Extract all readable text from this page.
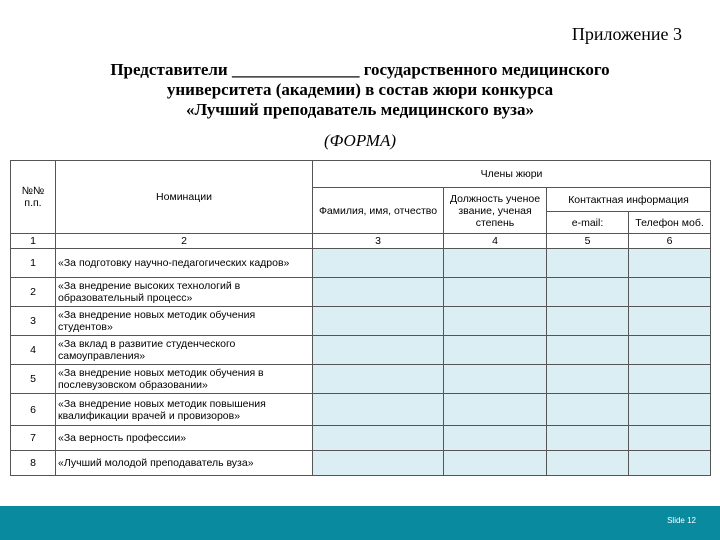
Приложение 3
Представители _______________ государственного медицинского
университета (академии) в состав жюри конкурса
«Лучший преподаватель медицинского вуза»
(ФОРМА)
№№ п.п.	Номинации	Члены жюри			
		Фамилия, имя, отчество	Должность ученое звание, ученая степень	Контактная информация	
				e-mail:	Телефон моб.
1	2	3	4	5	6
1	«За подготовку научно-педагогических кадров»				
2	«За внедрение высоких технологий в образовательный процесс»				
3	«За внедрение новых методик обучения студентов»				
4	«За вклад в развитие студенческого самоуправления»				
5	«За внедрение новых методик обучения в послевузовском образовании»				
6	«За внедрение новых методик повышения квалификации врачей и провизоров»				
7	«За верность профессии»				
8	«Лучший молодой преподаватель вуза»				
Slide 12
